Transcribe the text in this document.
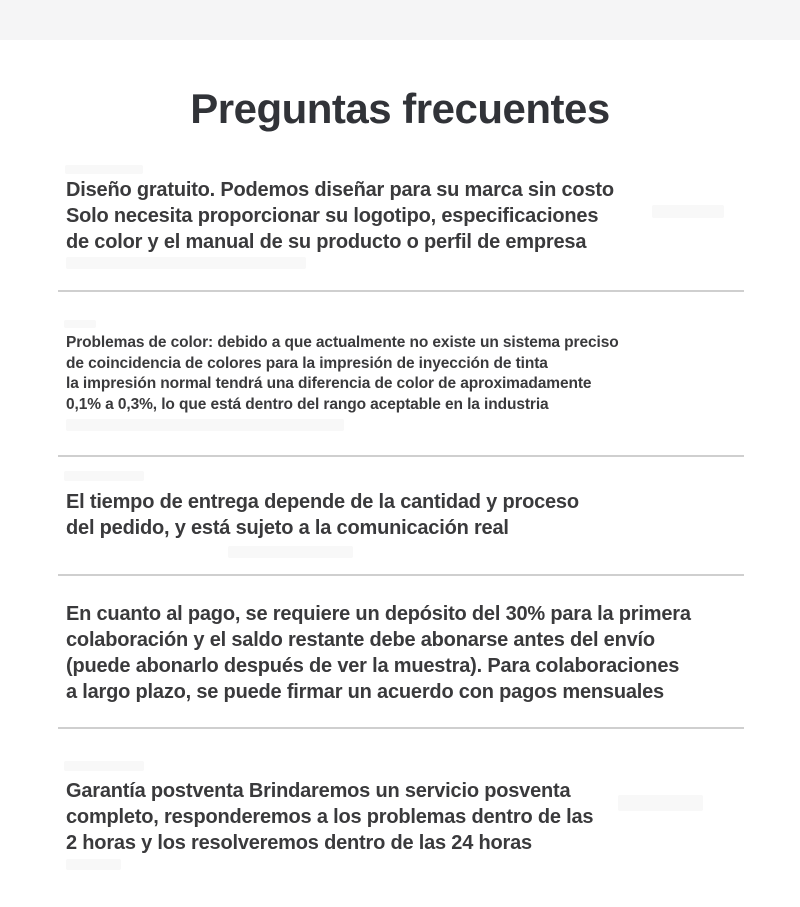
Preguntas frecuentes
Diseño gratuito. Podemos diseñar para su marca sin costo
Solo necesita proporcionar su logotipo, especificaciones
de color y el manual de su producto o perfil de empresa
Problemas de color: debido a que actualmente no existe un sistema preciso
de coincidencia de colores para la impresión de inyección de tinta
la impresión normal tendrá una diferencia de color de aproximadamente
0,1% a 0,3%, lo que está dentro del rango aceptable en la industria
El tiempo de entrega depende de la cantidad y proceso
del pedido, y está sujeto a la comunicación real
En cuanto al pago, se requiere un depósito del 30% para la primera
colaboración y el saldo restante debe abonarse antes del envío
(puede abonarlo después de ver la muestra). Para colaboraciones
a largo plazo, se puede firmar un acuerdo con pagos mensuales
Garantía postventa Brindaremos un servicio posventa
completo, responderemos a los problemas dentro de las
2 horas y los resolveremos dentro de las 24 horas
